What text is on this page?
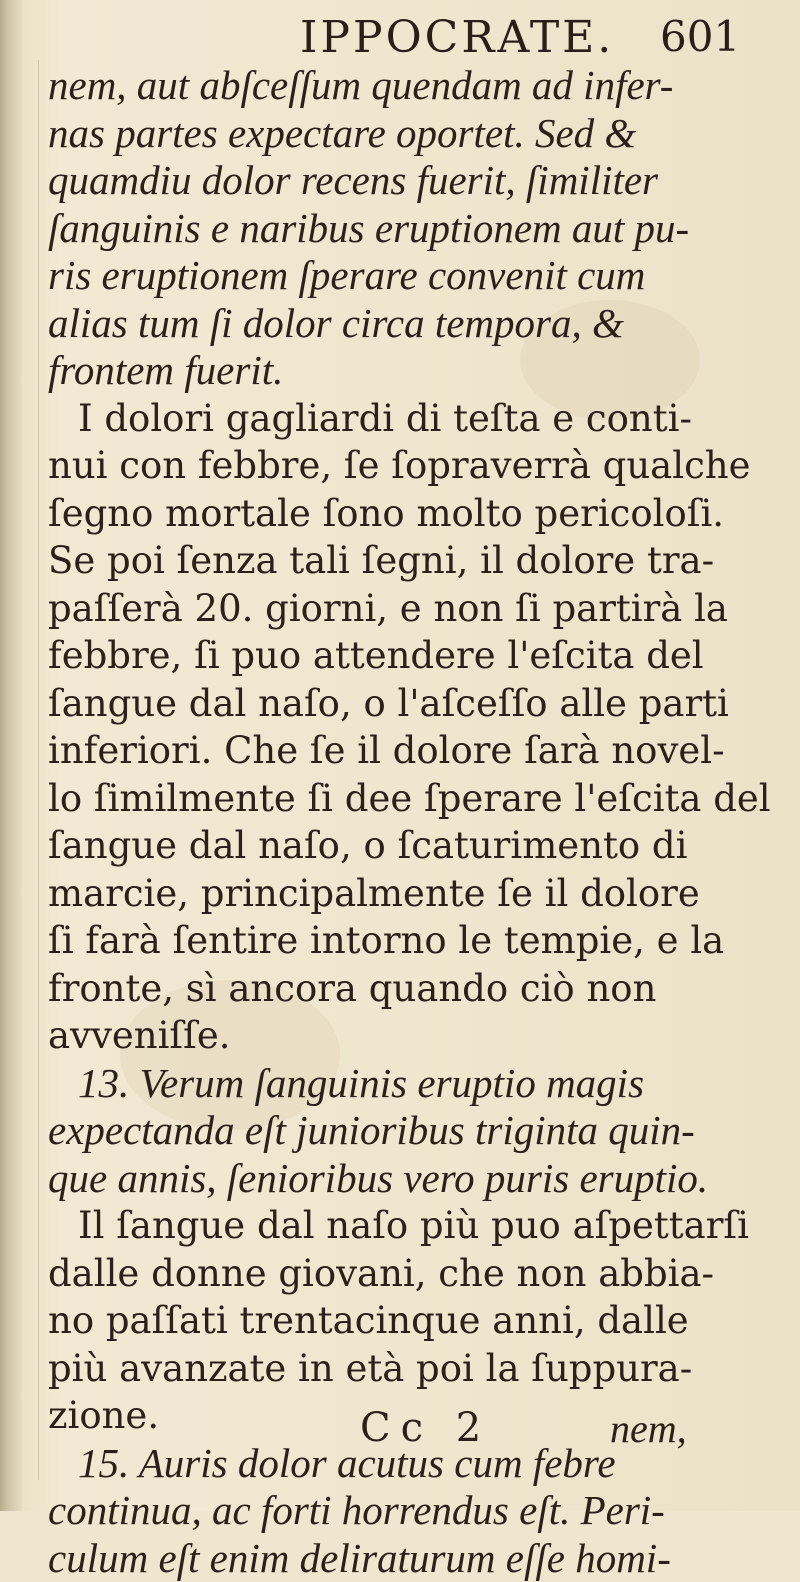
IPPOCRATE. 601
nem, aut abſceſſum quendam ad infer-
nas partes expectare oportet. Sed &
quamdiu dolor recens fuerit, ſimiliter
ſanguinis e naribus eruptionem aut pu-
ris eruptionem ſperare convenit cum
alias tum ſi dolor circa tempora, &
frontem fuerit.
I dolori gagliardi di teſta e conti-
nui con febbre, ſe ſopraverrà qualche
ſegno mortale ſono molto pericoloſi.
Se poi ſenza tali ſegni, il dolore tra-
paſſerà 20. giorni, e non ſi partirà la
febbre, ſi puo attendere l'eſcita del
ſangue dal naſo, o l'aſceſſo alle parti
inferiori. Che ſe il dolore ſarà novel-
lo ſimilmente ſi dee ſperare l'eſcita del
ſangue dal naſo, o ſcaturimento di
marcie, principalmente ſe il dolore
ſi farà ſentire intorno le tempie, e la
fronte, sì ancora quando ciò non
avveniſſe.
13. Verum ſanguinis eruptio magis
expectanda eſt junioribus triginta quin-
que annis, ſenioribus vero puris eruptio.
Il ſangue dal naſo più puo aſpettarſi
dalle donne giovani, che non abbia-
no paſſati trentacinque anni, dalle
più avanzate in età poi la ſuppura-
zione.
15. Auris dolor acutus cum febre
continua, ac forti horrendus eſt. Peri-
culum eſt enim deliraturum eſſe homi-
Cc 2	nem,
